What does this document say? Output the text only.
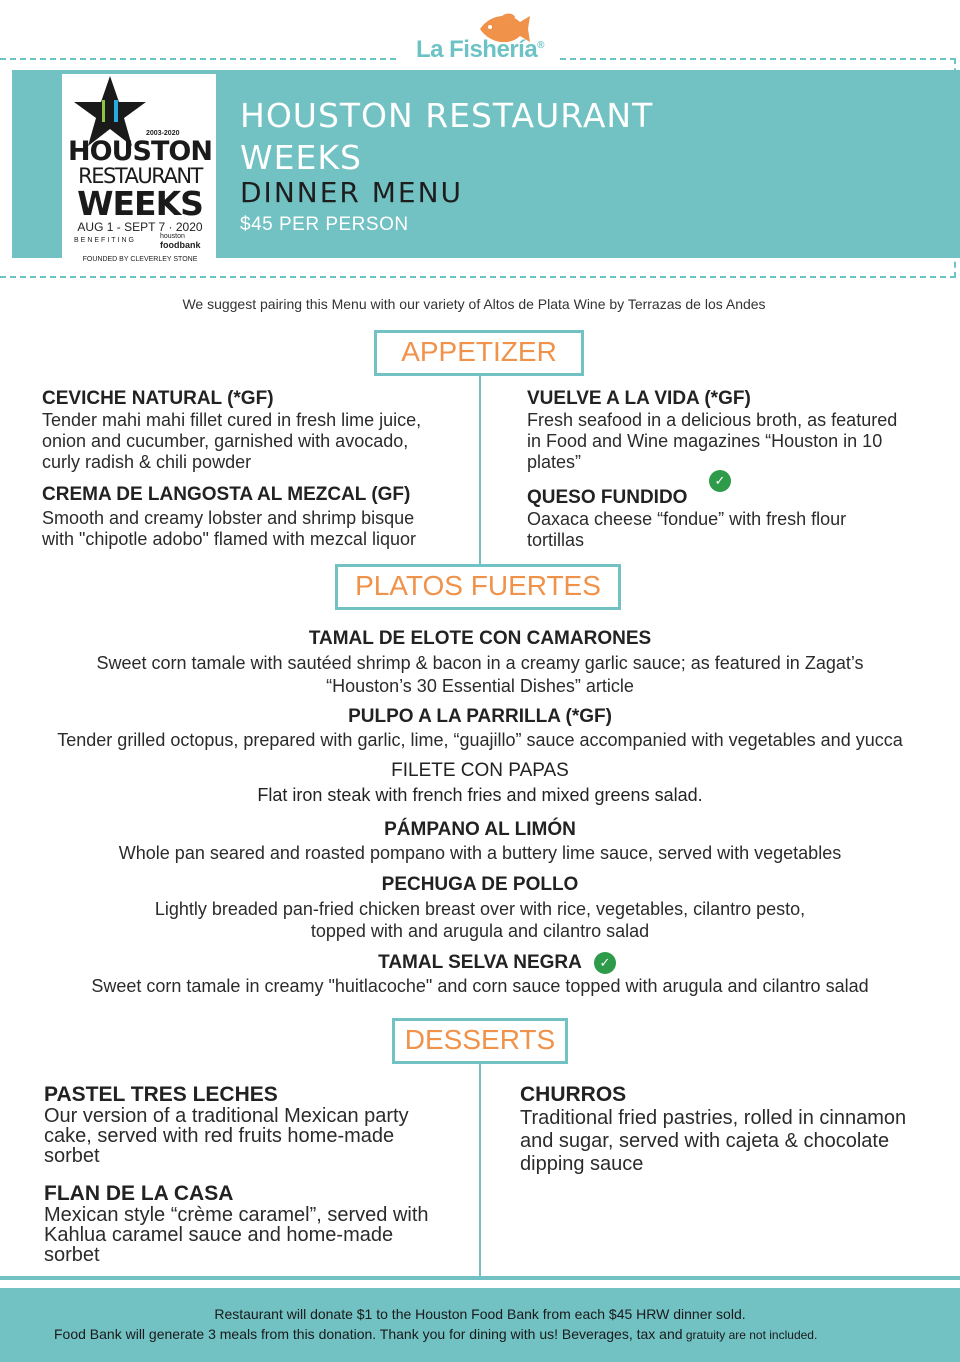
La Fishería®
2003-2020
HOUSTON
RESTAURANT
WEEKS
AUG 1 - SEPT 7 · 2020
BENEFITING
houston
foodbank
FOUNDED BY CLEVERLEY STONE
HOUSTON RESTAURANT
WEEKS
DINNER MENU
$45 PER PERSON
We suggest pairing this Menu with our variety of Altos de Plata Wine by Terrazas de los Andes
APPETIZER
CEVICHE NATURAL (*GF)
Tender mahi mahi fillet cured in fresh lime juice,
onion and cucumber, garnished with avocado,
curly radish & chili powder
CREMA DE LANGOSTA AL MEZCAL (GF)
Smooth and creamy lobster and shrimp bisque
with "chipotle adobo" flamed with mezcal liquor
VUELVE A LA VIDA (*GF)
Fresh seafood in a delicious broth, as featured
in Food and Wine magazines “Houston in 10
plates”
QUESO FUNDIDO
✓
Oaxaca cheese “fondue” with fresh flour
tortillas
PLATOS FUERTES
TAMAL DE ELOTE CON CAMARONES
Sweet corn tamale with sautéed shrimp & bacon in a creamy garlic sauce; as featured in Zagat’s
“Houston’s 30 Essential Dishes” article
PULPO A LA PARRILLA (*GF)
Tender grilled octopus, prepared with garlic, lime, “guajillo” sauce accompanied with vegetables and yucca
FILETE CON PAPAS
Flat iron steak with french fries and mixed greens salad.
PÁMPANO AL LIMÓN
Whole pan seared and roasted pompano with a buttery lime sauce, served with vegetables
PECHUGA DE POLLO
Lightly breaded pan-fried chicken breast over with rice, vegetables, cilantro pesto,
topped with and arugula and cilantro salad
TAMAL SELVA NEGRA	✓
Sweet corn tamale in creamy "huitlacoche" and corn sauce topped with arugula and cilantro salad
DESSERTS
PASTEL TRES LECHES
Our version of a traditional Mexican party
cake, served with red fruits home-made
sorbet
FLAN DE LA CASA
Mexican style “crème caramel”, served with
Kahlua caramel sauce and home-made
sorbet
CHURROS
Traditional fried pastries, rolled in cinnamon
and sugar, served with cajeta & chocolate
dipping sauce
Restaurant will donate $1 to the Houston Food Bank from each $45 HRW dinner sold.
Food Bank will generate 3 meals from this donation. Thank you for dining with us! Beverages, tax and gratuity are not included.
